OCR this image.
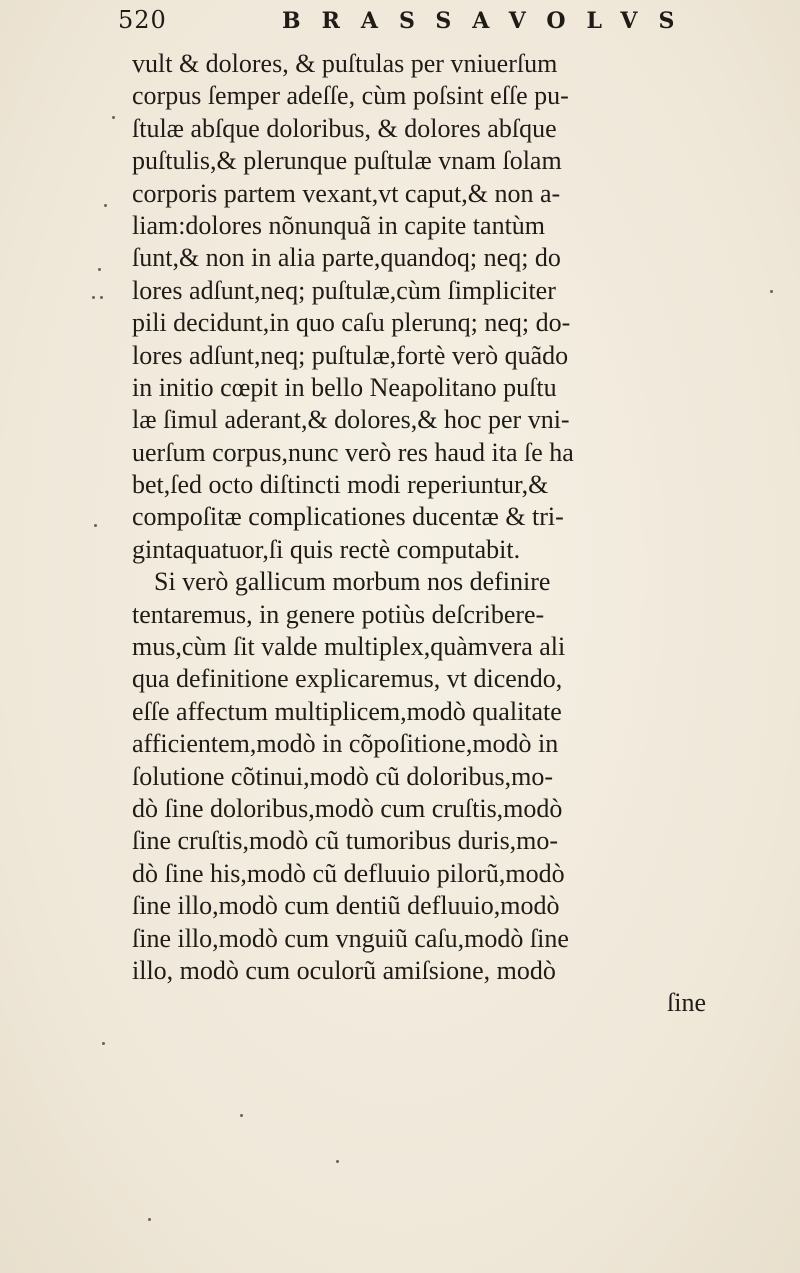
520	BRASSAVOLVS
vult & dolores, & puſtulas per vniuerſum
corpus ſemper adeſſe, cùm poſsint eſſe pu-
ſtulæ abſque doloribus, & dolores abſque
puſtulis,& plerunque puſtulæ vnam ſolam
corporis partem vexant,vt caput,& non a-
liam:dolores nõnunquã in capite tantùm
ſunt,& non in alia parte,quandoq; neq; do
lores adſunt,neq; puſtulæ,cùm ſimpliciter
pili decidunt,in quo caſu plerunq; neq; do-
lores adſunt,neq; puſtulæ,fortè verò quãdo
in initio cœpit in bello Neapolitano puſtu
læ ſimul aderant,& dolores,& hoc per vni-
uerſum corpus,nunc verò res haud ita ſe ha
bet,ſed octo diſtincti modi reperiuntur,&
compoſitæ complicationes ducentæ & tri-
gintaquatuor,ſi quis rectè computabit.
Si verò gallicum morbum nos definire
tentaremus, in genere potiùs deſcribere-
mus,cùm ſit valde multiplex,quàmvera ali
qua definitione explicaremus, vt dicendo,
eſſe affectum multiplicem,modò qualitate
afficientem,modò in cõpoſitione,modò in
ſolutione cõtinui,modò cũ doloribus,mo-
dò ſine doloribus,modò cum cruſtis,modò
ſine cruſtis,modò cũ tumoribus duris,mo-
dò ſine his,modò cũ defluuio pilorũ,modò
ſine illo,modò cum dentiũ defluuio,modò
ſine illo,modò cum vnguiũ caſu,modò ſine
illo, modò cum oculorũ amiſsione, modò
ſine
